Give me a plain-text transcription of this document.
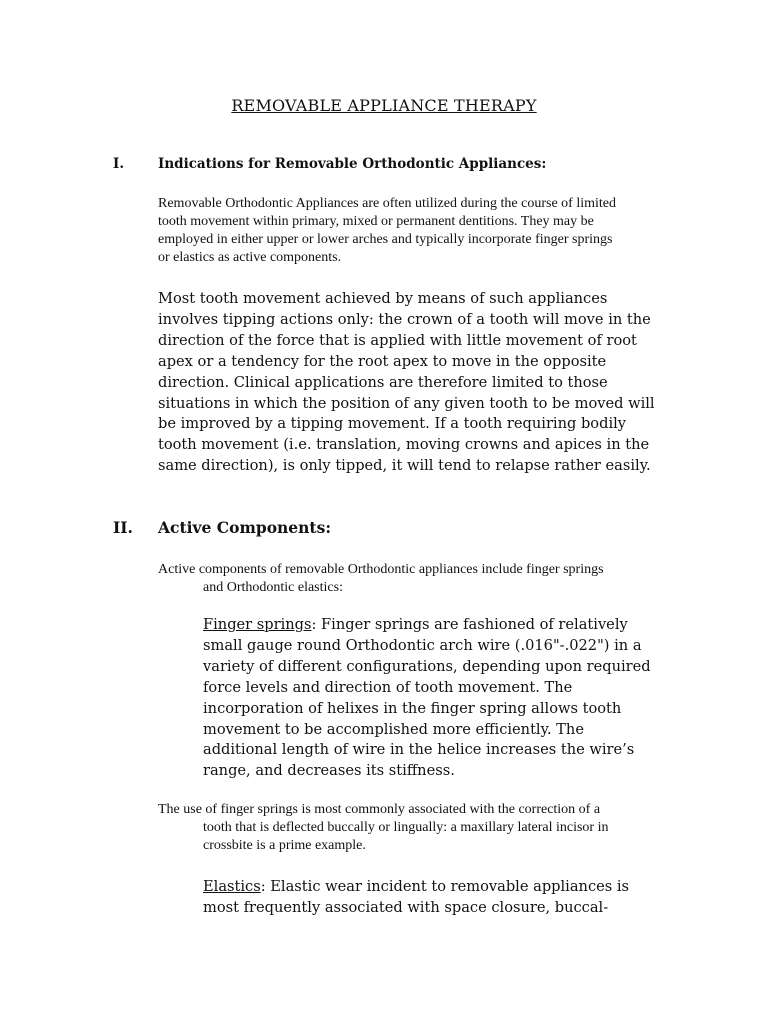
REMOVABLE APPLIANCE THERAPY
I.	Indications for Removable Orthodontic Appliances:
Removable Orthodontic Appliances are often utilized during the course of limited
tooth movement within primary, mixed or permanent dentitions. They may be
employed in either upper or lower arches and typically incorporate finger springs
or elastics as active components.
Most tooth movement achieved by means of such appliances
involves tipping actions only: the crown of a tooth will move in the
direction of the force that is applied with little movement of root
apex or a tendency for the root apex to move in the opposite
direction. Clinical applications are therefore limited to those
situations in which the position of any given tooth to be moved will
be improved by a tipping movement. If a tooth requiring bodily
tooth movement (i.e. translation, moving crowns and apices in the
same direction), is only tipped, it will tend to relapse rather easily.
II. Active Components:
Active components of removable Orthodontic appliances include finger springs
and Orthodontic elastics:
Finger springs: Finger springs are fashioned of relatively
small gauge round Orthodontic arch wire (.016"-.022") in a
variety of different configurations, depending upon required
force levels and direction of tooth movement. The
incorporation of helixes in the finger spring allows tooth
movement to be accomplished more efficiently. The
additional length of wire in the helice increases the wire’s
range, and decreases its stiffness.
The use of finger springs is most commonly associated with the correction of a
tooth that is deflected buccally or lingually: a maxillary lateral incisor in
crossbite is a prime example.
Elastics: Elastic wear incident to removable appliances is
most frequently associated with space closure, buccal-
